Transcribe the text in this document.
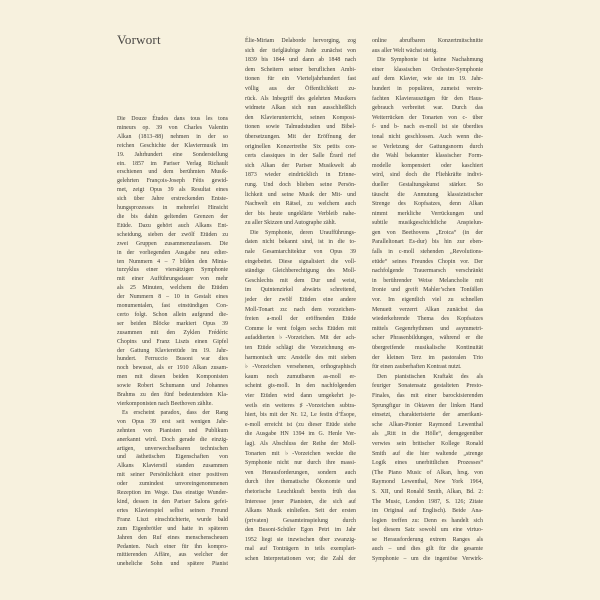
Vorwort
Die Douze Études dans tous les tons
mineurs op. 39 von Charles Valentin
Alkan (1813–88) nehmen in der so
reichen Geschichte der Klaviermusik im
19. Jahrhundert eine Sonderstellung
ein. 1857 im Pariser Verlag Richault
erschienen und dem berühmten Musik-
gelehrten François-Joseph Fétis gewid-
met, zeigt Opus 39 als Resultat eines
sich über Jahre erstreckenden Entste-
hungsprozesses in mehrerlei Hinsicht
die bis dahin geltenden Grenzen der
Etüde. Dazu gehört auch Alkans Ent-
scheidung, sieben der zwölf Etüden zu
zwei Gruppen zusammenzufassen. Die
in der vorliegenden Ausgabe neu edier-
ten Nummern 4 – 7 bilden den Minia-
turzyklus einer viersätzigen Symphonie
mit einer Aufführungsdauer von mehr
als 25 Minuten, welchem die Etüden
der Nummern 8 – 10 in Gestalt eines
monumentalen, fast einstündigen Con-
certo folgt. Schon allein aufgrund die-
ser beiden Blöcke markiert Opus 39
zusammen mit den Zyklen Frédéric
Chopins und Franz Liszts einen Gipfel
der Gattung Klavieretüde im 19. Jahr-
hundert. Ferruccio Busoni war dies
noch bewusst, als er 1910 Alkan zusam-
men mit diesen beiden Komponisten
sowie Robert Schumann und Johannes
Brahms zu den fünf bedeutendsten Kla-
vierkomponisten nach Beethoven zählte.
Es erscheint paradox, dass der Rang
von Opus 39 erst seit wenigen Jahr-
zehnten von Pianisten und Publikum
anerkannt wird. Doch gerade die einzig-
artigen, unverwechselbaren technischen
und ästhetischen Eigenschaften von
Alkans Klavierstil standen zusammen
mit seiner Persönlichkeit einer positiven
oder zumindest unvoreingenommenen
Rezeption im Wege. Das einstige Wunder-
kind, dessen in den Pariser Salons gefei-
ertes Klavierspiel selbst seinen Freund
Franz Liszt einschüchterte, wurde bald
zum Eigenbrötler und hatte in späteren
Jahren den Ruf eines menschenscheuen
Pedanten. Nach einer für ihn kompro-
mittierenden Affäre, aus welcher der
uneheliche Sohn und spätere Pianist
Élie-Miriam Delaborde hervorging, zog
sich der tiefgläubige Jude zunächst von
1839 bis 1844 und dann ab 1848 nach
dem Scheitern seiner beruflichen Ambi-
tionen für ein Vierteljahrhundert fast
völlig aus der Öffentlichkeit zu-
rück. Als Inbegriff des gelehrten Musikers
widmete Alkan sich nun ausschließlich
den Klavierunterricht, seinen Komposi-
tionen sowie Talmudstudien und Bibel-
übersetzungen. Mit der Eröffnung der
originellen Konzertreihe Six petits con-
certs classiques in der Salle Érard rief
sich Alkan der Pariser Musikwelt ab
1873 wieder eindrücklich in Erinne-
rung. Und doch blieben seine Persön-
lichkeit und seine Musik der Mit- und
Nachwelt ein Rätsel, zu welchem auch
der bis heute ungeklärte Verbleib nahe-
zu aller Skizzen und Autographe zählt.
Die Symphonie, deren Uraufführungs-
daten nicht bekannt sind, ist in die to-
nale Gesamtarchitektur von Opus 39
eingebettet. Diese signalisiert die voll-
ständige Gleichberechtigung des Moll-
Geschlechts mit dem Dur und weist,
im Quintenzirkel abwärts schreitend,
jeder der zwölf Etüden eine andere
Moll-Tonart zu: nach dem vorzeichen-
freien a-moll der eröffnenden Etüde
Comme le vent folgen sechs Etüden mit
aufaddierten ♭-Vorzeichen. Mit der ach-
ten Etüde schlägt die Vorzeichnung en-
harmonisch um: Anstelle des mit sieben
♭-Vorzeichen versehenen, orthographisch
kaum noch zumutbaren as-moll er-
scheint gis-moll. In den nachfolgenden
vier Etüden wird dann umgekehrt je-
weils ein weiteres ♯-Vorzeichen subtra-
hiert, bis mit der Nr. 12, Le festin d’Ésope,
e-moll erreicht ist (zu dieser Etüde siehe
die Ausgabe HN 1394 im G. Henle Ver-
lag). Als Abschluss der Reihe der Moll-
Tonarten mit ♭-Vorzeichen weckte die
Symphonie nicht nur durch ihre massi-
ven Herausforderungen, sondern auch
durch ihre thematische Ökonomie und
rhetorische Leuchtkraft bereits früh das
Interesse jener Pianisten, die sich auf
Alkans Musik einließen. Seit der ersten
(privaten) Gesamteinspielung durch
den Busoni-Schüler Egon Petri im Jahr
1952 liegt sie inzwischen über zwanzig-
mal auf Tonträgern in teils exemplari-
schen Interpretationen vor; die Zahl der
online abrufbaren Konzertmitschnitte
aus aller Welt wächst stetig.
Die Symphonie ist keine Nachahmung
einer klassischen Orchester-Symphonie
auf dem Klavier, wie sie im 19. Jahr-
hundert in populären, zumeist verein-
fachten Klavierauszügen für den Haus-
gebrauch verbreitet war. Durch das
Weiterrücken der Tonarten von c- über
f- und b- nach es-moll ist sie überdies
tonal nicht geschlossen. Auch wenn die-
se Verletzung der Gattungsnorm durch
die Wahl bekannter klassischer Form-
modelle kompensiert oder kaschiert
wird, sind doch die Fliehkräfte indivi-
dueller Gestaltungskunst stärker. So
täuscht die Anmutung klassizistischer
Strenge des Kopfsatzes, denn Alkan
nimmt merkliche Verrückungen und
subtile musikgeschichtliche Anspielun-
gen von Beethovens „Eroica“ (in der
Paralleltonart Es-dur) bis hin zur eben-
falls in c-moll stehenden „Revolutions-
etüde“ seines Freundes Chopin vor. Der
nachfolgende Trauermarsch verschränkt
in berührender Weise Melancholie mit
Ironie und greift Mahler’schen Tonfällen
vor. Im eigentlich viel zu schnellen
Menuett verzerrt Alkan zunächst das
wiederkehrende Thema des Kopfsatzes
mittels Gegenrhythmen und asymmetri-
scher Phrasenbildungen, während er die
übergreifende musikalische Kontinuität
der kleinen Terz im pastoralen Trio
für einen zauberhaften Kontrast nutzt.
Den pianistischen Kraftakt des als
feuriger Sonatensatz gestalteten Presto-
Finales, das mit einer barockisierenden
Sprungfigur in Oktaven der linken Hand
einsetzt, charakterisierte der amerikani-
sche Alkan-Pionier Raymond Lewenthal
als „Ritt in die Hölle“, demgegenüber
verwies sein britischer Kollege Ronald
Smith auf die hier waltende „strenge
Logik eines unerbittlichen Prozesses“
(The Piano Music of Alkan, hrsg. von
Raymond Lewenthal, New York 1964,
S. XII, und Ronald Smith, Alkan, Bd. 2:
The Music, London 1987, S. 126; Zitate
im Original auf Englisch). Beide Ana-
logien treffen zu: Denn es handelt sich
bei diesem Satz sowohl um eine virtuo-
se Herausforderung extrem Ranges als
auch – und dies gilt für die gesamte
Symphonie – um die ingeniöse Verwirk-
